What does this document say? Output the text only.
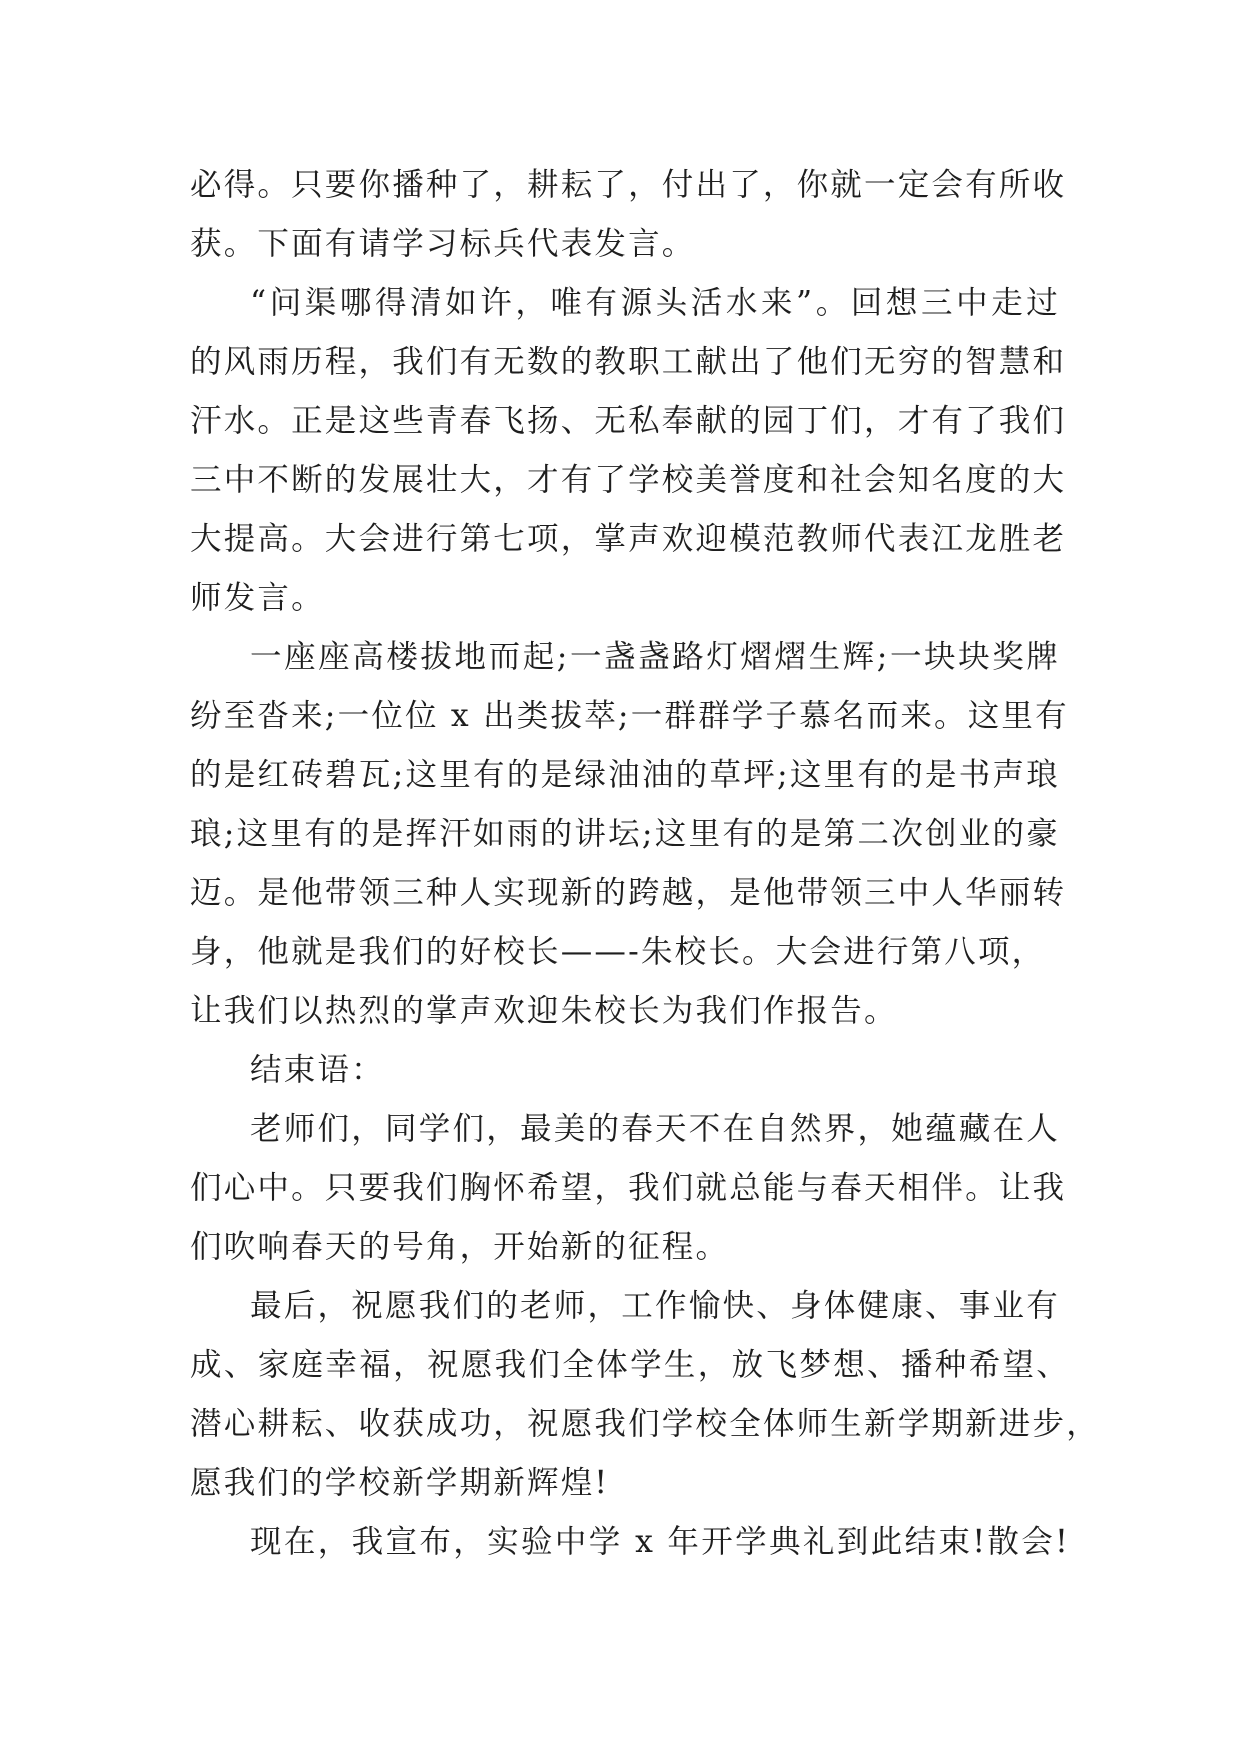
必得。只要你播种了，耕耘了，付出了，你就一定会有所收

获。下面有请学习标兵代表发言。

“问渠哪得清如许，唯有源头活水来”。回想三中走过

的风雨历程，我们有无数的教职工献出了他们无穷的智慧和

汗水。正是这些青春飞扬、无私奉献的园丁们，才有了我们

三中不断的发展壮大，才有了学校美誉度和社会知名度的大

大提高。大会进行第七项，掌声欢迎模范教师代表江龙胜老

师发言。

一座座高楼拔地而起;一盏盏路灯熠熠生辉;一块块奖牌

纷至沓来;一位位 x 出类拔萃;一群群学子慕名而来。这里有

的是红砖碧瓦;这里有的是绿油油的草坪;这里有的是书声琅

琅;这里有的是挥汗如雨的讲坛;这里有的是第二次创业的豪

迈。是他带领三种人实现新的跨越，是他带领三中人华丽转

身，他就是我们的好校长——-朱校长。大会进行第八项，

让我们以热烈的掌声欢迎朱校长为我们作报告。

结束语：

老师们，同学们，最美的春天不在自然界，她蕴藏在人

们心中。只要我们胸怀希望，我们就总能与春天相伴。让我

们吹响春天的号角，开始新的征程。

最后，祝愿我们的老师，工作愉快、身体健康、事业有

成、家庭幸福，祝愿我们全体学生，放飞梦想、播种希望、

潜心耕耘、收获成功，祝愿我们学校全体师生新学期新进步，

愿我们的学校新学期新辉煌!

现在，我宣布，实验中学 x 年开学典礼到此结束!散会!
